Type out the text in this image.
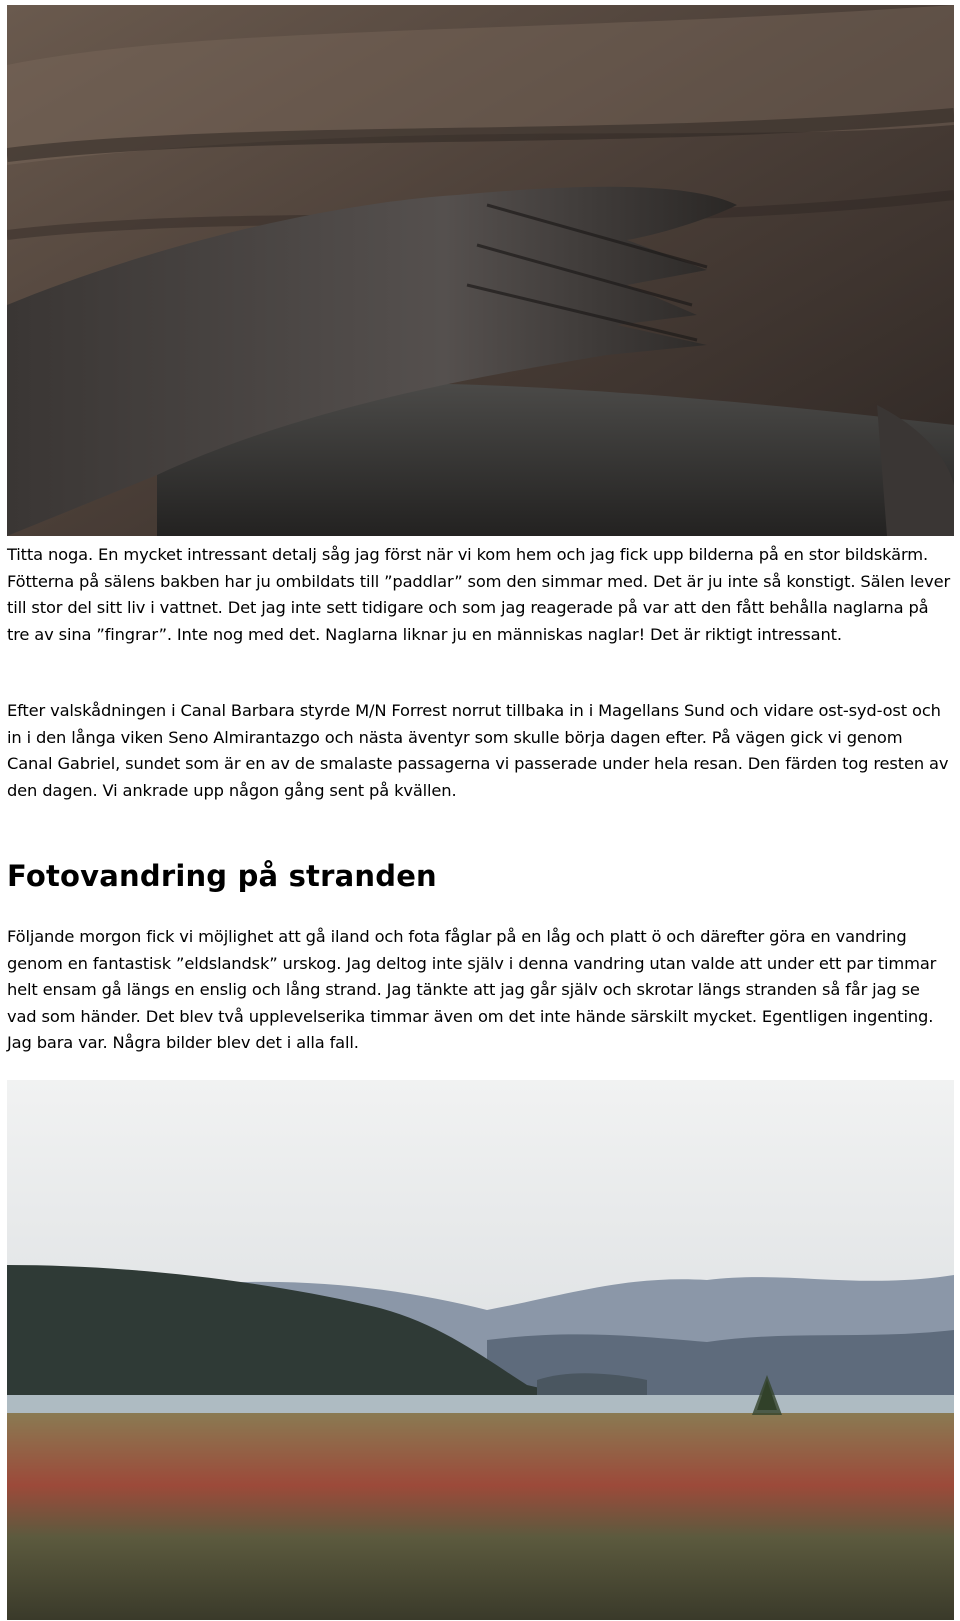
Titta noga. En mycket intressant detalj såg jag först när vi kom hem och jag fick upp bilderna på en stor bildskärm. Fötterna på sälens bakben har ju ombildats till ”paddlar” som den simmar med. Det är ju inte så konstigt. Sälen lever till stor del sitt liv i vattnet. Det jag inte sett tidigare och som jag reagerade på var att den fått behålla naglarna på tre av sina ”fingrar”. Inte nog med det. Naglarna liknar ju en människas naglar! Det är riktigt intressant.

Efter valskådningen i Canal Barbara styrde M/N Forrest norrut tillbaka in i Magellans Sund och vidare ost-syd-ost och in i den långa viken Seno Almirantazgo och nästa äventyr som skulle börja dagen efter. På vägen gick vi genom Canal Gabriel, sundet som är en av de smalaste passagerna vi passerade under hela resan. Den färden tog resten av den dagen. Vi ankrade upp någon gång sent på kvällen.

Fotovandring på stranden

Följande morgon fick vi möjlighet att gå iland och fota fåglar på en låg och platt ö och därefter göra en vandring genom en fantastisk ”eldslandsk” urskog. Jag deltog inte själv i denna vandring utan valde att under ett par timmar helt ensam gå längs en enslig och lång strand. Jag tänkte att jag går själv och skrotar längs stranden så får jag se vad som händer. Det blev två upplevelserika timmar även om det inte hände särskilt mycket. Egentligen ingenting. Jag bara var. Några bilder blev det i alla fall.
